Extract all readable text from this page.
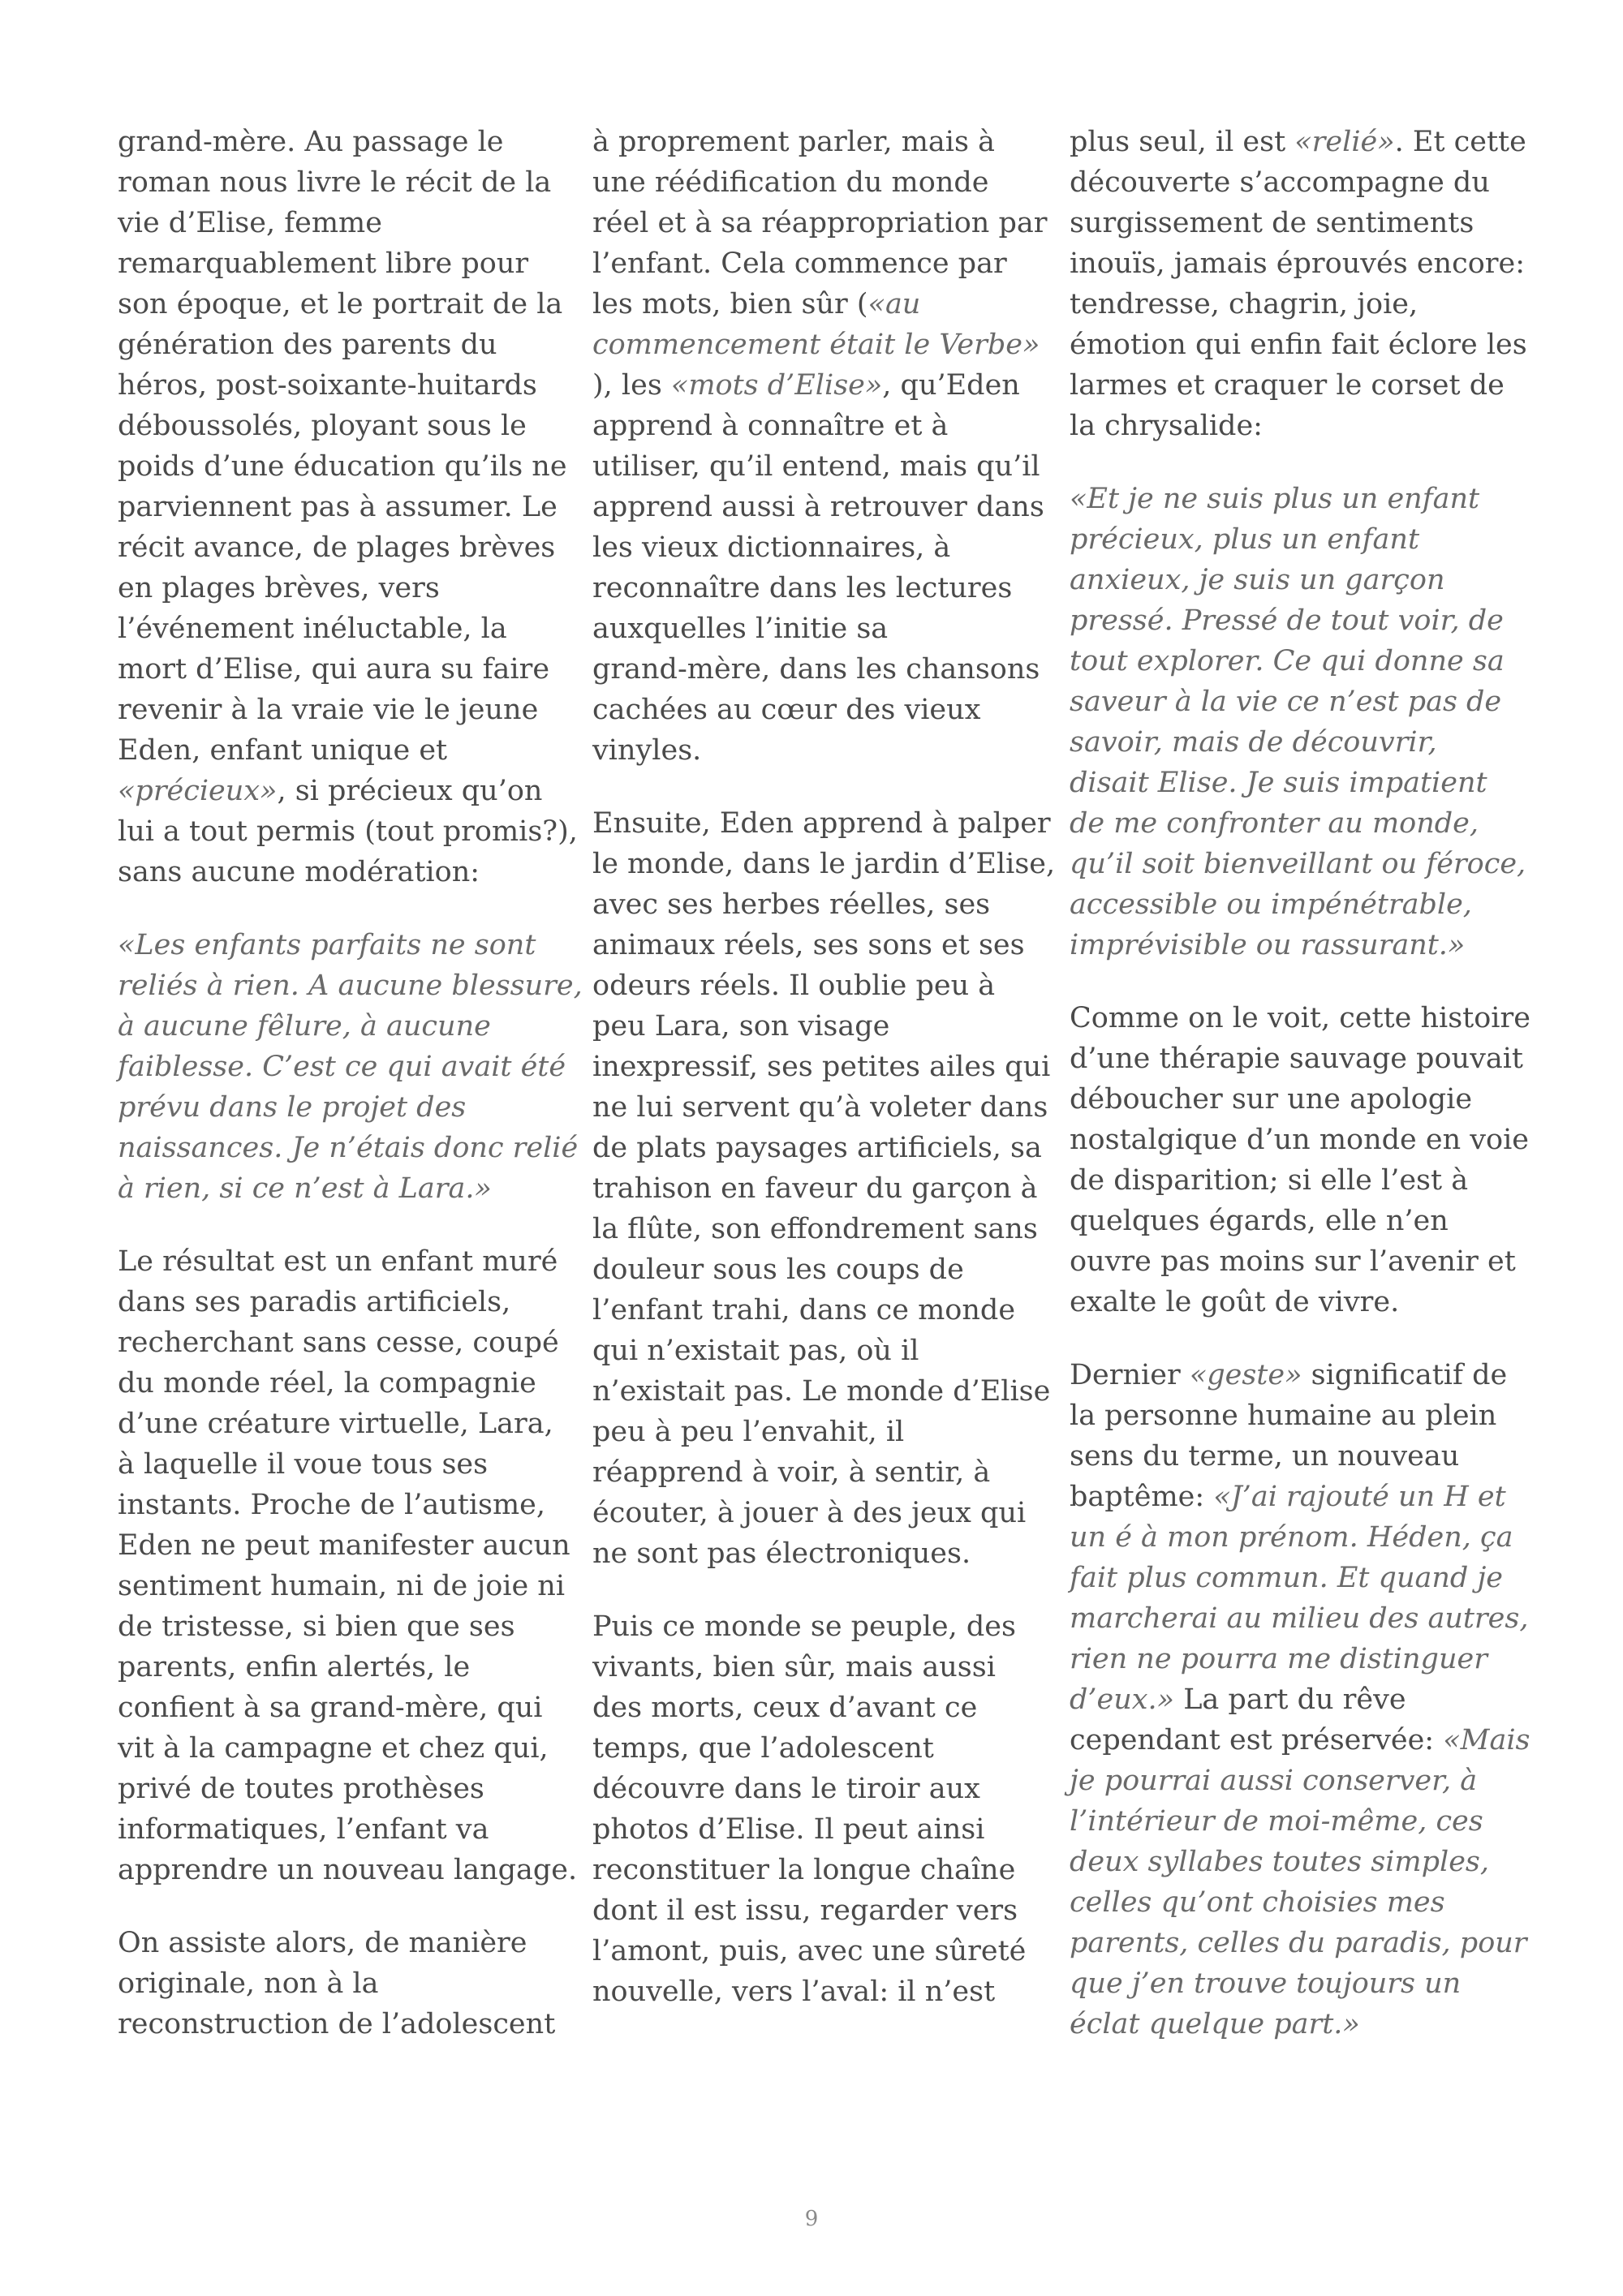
grand-mère. Au passage le
roman nous livre le récit de la
vie d’Elise, femme
remarquablement libre pour
son époque, et le portrait de la
génération des parents du
héros, post-soixante-huitards
déboussolés, ployant sous le
poids d’une éducation qu’ils ne
parviennent pas à assumer. Le
récit avance, de plages brèves
en plages brèves, vers
l’événement inéluctable, la
mort d’Elise, qui aura su faire
revenir à la vraie vie le jeune
Eden, enfant unique et
«précieux», si précieux qu’on
lui a tout permis (tout promis?),
sans aucune modération:
«Les enfants parfaits ne sont
reliés à rien. A aucune blessure,
à aucune fêlure, à aucune
faiblesse. C’est ce qui avait été
prévu dans le projet des
naissances. Je n’étais donc relié
à rien, si ce n’est à Lara.»
Le résultat est un enfant muré
dans ses paradis artificiels,
recherchant sans cesse, coupé
du monde réel, la compagnie
d’une créature virtuelle, Lara,
à laquelle il voue tous ses
instants. Proche de l’autisme,
Eden ne peut manifester aucun
sentiment humain, ni de joie ni
de tristesse, si bien que ses
parents, enfin alertés, le
confient à sa grand-mère, qui
vit à la campagne et chez qui,
privé de toutes prothèses
informatiques, l’enfant va
apprendre un nouveau langage.
On assiste alors, de manière
originale, non à la
reconstruction de l’adolescent
à proprement parler, mais à
une réédification du monde
réel et à sa réappropriation par
l’enfant. Cela commence par
les mots, bien sûr («au
commencement était le Verbe»
), les «mots d’Elise», qu’Eden
apprend à connaître et à
utiliser, qu’il entend, mais qu’il
apprend aussi à retrouver dans
les vieux dictionnaires, à
reconnaître dans les lectures
auxquelles l’initie sa
grand-mère, dans les chansons
cachées au cœur des vieux
vinyles.
Ensuite, Eden apprend à palper
le monde, dans le jardin d’Elise,
avec ses herbes réelles, ses
animaux réels, ses sons et ses
odeurs réels. Il oublie peu à
peu Lara, son visage
inexpressif, ses petites ailes qui
ne lui servent qu’à voleter dans
de plats paysages artificiels, sa
trahison en faveur du garçon à
la flûte, son effondrement sans
douleur sous les coups de
l’enfant trahi, dans ce monde
qui n’existait pas, où il
n’existait pas. Le monde d’Elise
peu à peu l’envahit, il
réapprend à voir, à sentir, à
écouter, à jouer à des jeux qui
ne sont pas électroniques.
Puis ce monde se peuple, des
vivants, bien sûr, mais aussi
des morts, ceux d’avant ce
temps, que l’adolescent
découvre dans le tiroir aux
photos d’Elise. Il peut ainsi
reconstituer la longue chaîne
dont il est issu, regarder vers
l’amont, puis, avec une sûreté
nouvelle, vers l’aval: il n’est
plus seul, il est «relié». Et cette
découverte s’accompagne du
surgissement de sentiments
inouïs, jamais éprouvés encore:
tendresse, chagrin, joie,
émotion qui enfin fait éclore les
larmes et craquer le corset de
la chrysalide:
«Et je ne suis plus un enfant
précieux, plus un enfant
anxieux, je suis un garçon
pressé. Pressé de tout voir, de
tout explorer. Ce qui donne sa
saveur à la vie ce n’est pas de
savoir, mais de découvrir,
disait Elise. Je suis impatient
de me confronter au monde,
qu’il soit bienveillant ou féroce,
accessible ou impénétrable,
imprévisible ou rassurant.»
Comme on le voit, cette histoire
d’une thérapie sauvage pouvait
déboucher sur une apologie
nostalgique d’un monde en voie
de disparition; si elle l’est à
quelques égards, elle n’en
ouvre pas moins sur l’avenir et
exalte le goût de vivre.
Dernier «geste» significatif de
la personne humaine au plein
sens du terme, un nouveau
baptême: «J’ai rajouté un H et
un é à mon prénom. Héden, ça
fait plus commun. Et quand je
marcherai au milieu des autres,
rien ne pourra me distinguer
d’eux.» La part du rêve
cependant est préservée: «Mais
je pourrai aussi conserver, à
l’intérieur de moi-même, ces
deux syllabes toutes simples,
celles qu’ont choisies mes
parents, celles du paradis, pour
que j’en trouve toujours un
éclat quelque part.»
9
